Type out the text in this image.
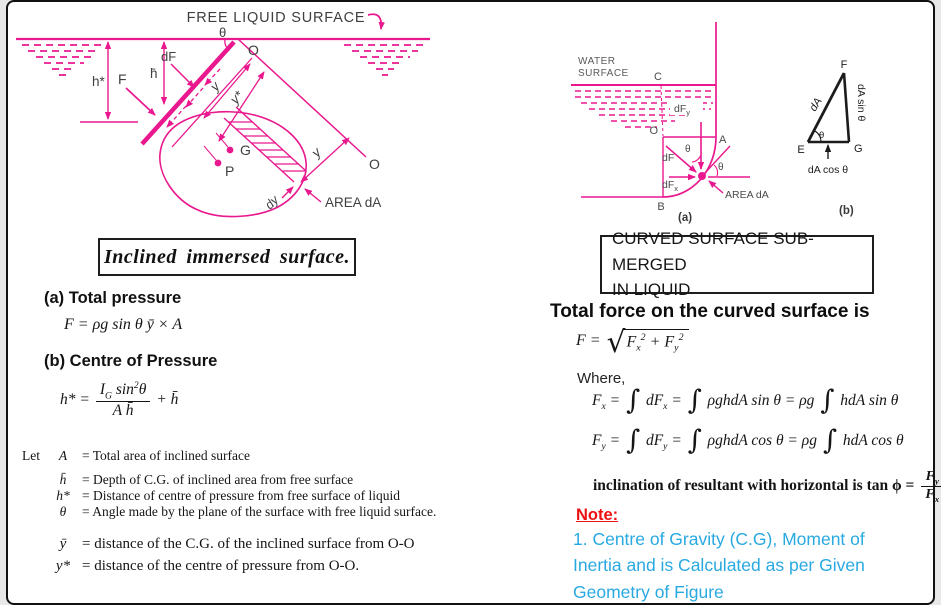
FREE LIQUID SURFACE
θ
O
O
h*
h̄
F
dF
y
y*
y
G
P
dy	AREA dA
Inclined immersed surface.
(a) Total pressure
F = ρg sin θ ȳ × A
(b) Centre of Pressure
$h* = \frac{I_G \sin^2\theta}{\text{A h̄}}$ + h̄
Let	A	= Total area of inclined surface
h̄	= Depth of C.G. of inclined area from free surface
h* = Distance of centre of pressure from free surface of liquid
θ	= Angle made by the plane of the surface with free liquid surface.
ȳ	= distance of the C.G. of the inclined surface from O-O
y* = distance of the centre of pressure from O-O.
WATER
SURFACE C
O
A
B
$dF_y$
dF
$dF_x$
θ
θ
AREA dA
(a)
F
E	G
dA	dA sin θ
dA cos θ
θ
(b)
CURVED SURFACE SUB-MERGED
IN LIQUID
Total force on the curved surface is
F = √ $F_x^2 + F_y^2$
Where,
$F_x$ = ∫ $dF_x$ = ∫ ρghdA sin θ = ρg ∫ hdA sin θ
$F_y$ = ∫ $dF_y$ = ∫ ρghdA cos θ = ρg ∫ hdA cos θ
inclination of resultant with horizontal is $\tan \phi = \frac{F_y}{F_x}$
Note:
1. Centre of Gravity (C.G), Moment of
Inertia and is Calculated as per Given
Geometry of Figure
